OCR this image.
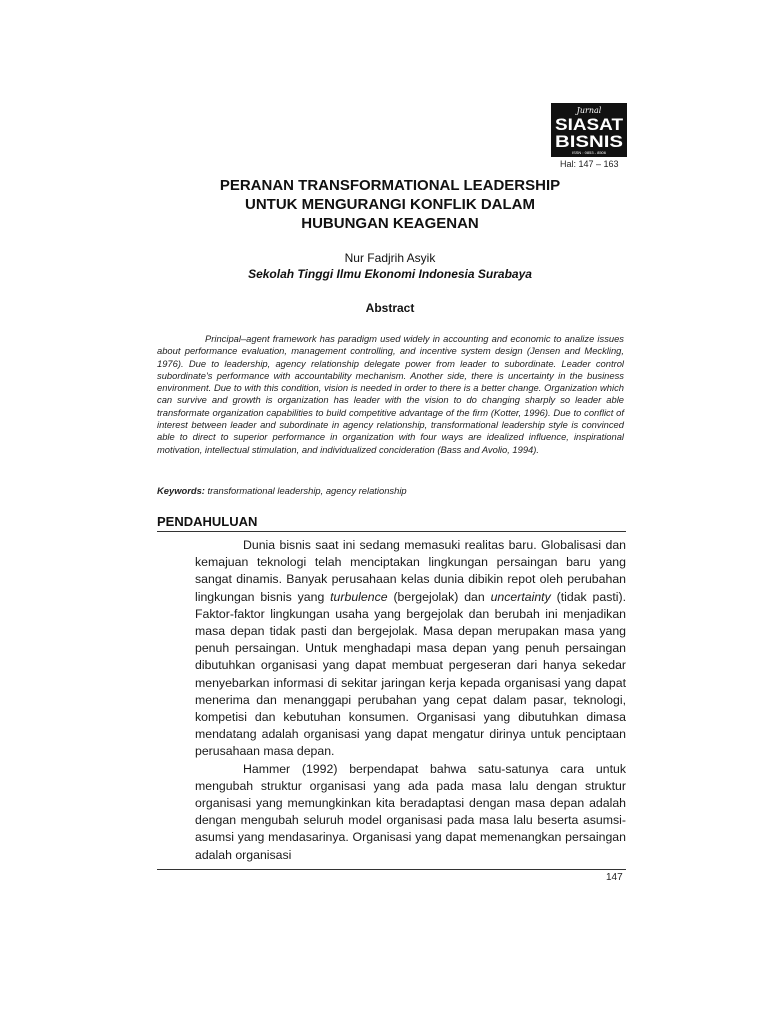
Jurnal
SIASAT
BISNIS
ISSN : 0853 - 8506
Hal: 147 – 163
PERANAN TRANSFORMATIONAL LEADERSHIP
UNTUK MENGURANGI KONFLIK DALAM
HUBUNGAN KEAGENAN
Nur Fadjrih Asyik
Sekolah Tinggi Ilmu Ekonomi Indonesia Surabaya
Abstract

Principal–agent framework has paradigm used widely in accounting and economic to analize issues about performance evaluation, management controlling, and incentive system design (Jensen and Meckling, 1976). Due to leadership, agency relationship delegate power from leader to subordinate. Leader control subordinate's performance with accountability mechanism. Another side, there is uncertainty in the business environment. Due to with this condition, vision is needed in order to there is a better change. Organization which can survive and growth is organization has leader with the vision to do changing sharply so leader able transformate organization capabilities to build competitive advantage of the firm (Kotter, 1996). Due to conflict of interest between leader and subordinate in agency relationship, transformational leadership style is convinced able to direct to superior performance in organization with four ways are idealized influence, inspirational motivation, intellectual stimulation, and individualized concideration (Bass and Avolio, 1994).

Keywords: transformational leadership, agency relationship
PENDAHULUAN

Dunia bisnis saat ini sedang memasuki realitas baru. Globalisasi dan kemajuan teknologi telah menciptakan lingkungan persaingan baru yang sangat dinamis. Banyak perusahaan kelas dunia dibikin repot oleh perubahan lingkungan bisnis yang turbulence (bergejolak) dan uncertainty (tidak pasti). Faktor-faktor lingkungan usaha yang bergejolak dan berubah ini menjadikan masa depan tidak pasti dan bergejolak. Masa depan merupakan masa yang penuh persaingan. Untuk menghadapi masa depan yang penuh persaingan dibutuhkan organisasi yang dapat membuat pergeseran dari hanya sekedar menyebarkan informasi di sekitar jaringan kerja kepada organisasi yang dapat menerima dan menanggapi perubahan yang cepat dalam pasar, teknologi, kompetisi dan kebutuhan konsumen. Organisasi yang dibutuhkan dimasa mendatang adalah organisasi yang dapat mengatur dirinya untuk penciptaan perusahaan masa depan.

Hammer (1992) berpendapat bahwa satu-satunya cara untuk mengubah struktur organisasi yang ada pada masa lalu dengan struktur organisasi yang memungkinkan kita beradaptasi dengan masa depan adalah dengan mengubah seluruh model organisasi pada masa lalu beserta asumsi-asumsi yang mendasarinya. Organisasi yang dapat memenangkan persaingan adalah organisasi

147
